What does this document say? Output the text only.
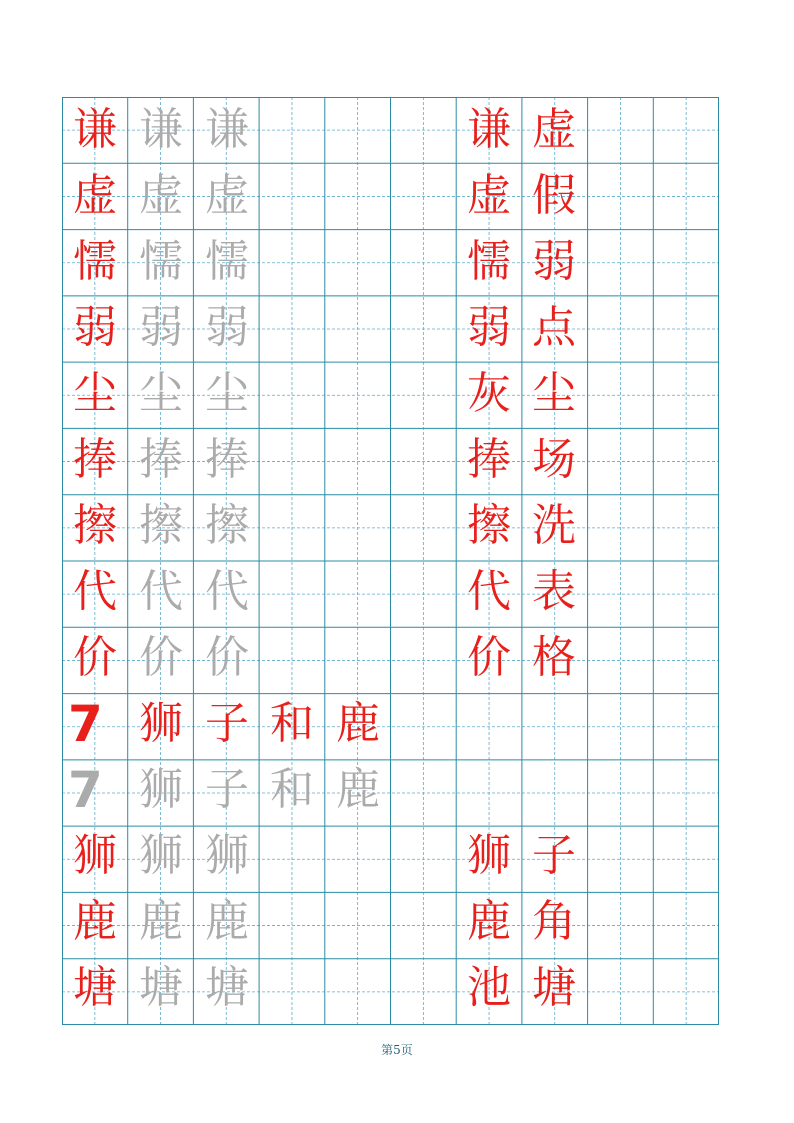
谦 谦 谦	谦 虚
虚 虚 虚	虚 假
懦 懦 懦	懦 弱
弱 弱 弱	弱 点
尘 尘 尘	灰 尘
捧 捧 捧	捧 场
擦 擦 擦	擦 洗
代 代 代	代 表
价 价 价	价 格
7 狮 子 和 鹿
7 狮 子 和 鹿
狮 狮 狮	狮 子
鹿 鹿 鹿	鹿 角
塘 塘 塘	池 塘
第5页
